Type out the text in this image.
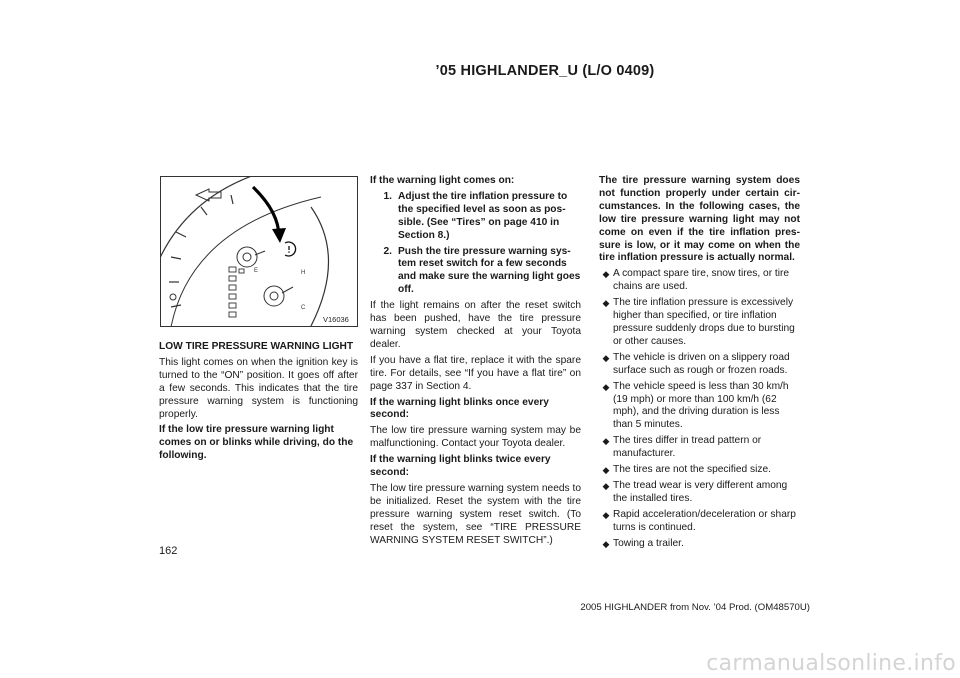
’05 HIGHLANDER_U (L/O 0409)
E	H
C
V16036

LOW TIRE PRESSURE WARNING LIGHT

This light comes on when the ignition key is turned to the “ON” position. It goes off after a few seconds. This indicates that the tire pressure warning system is functioning properly.

If the low tire pressure warning light comes on or blinks while driving, do the following.

If the warning light comes on:

1. Adjust the tire inflation pressure to the specified level as soon as possible. (See “Tires” on page 410 in Section 8.)
2. Push the tire pressure warning system reset switch for a few seconds and make sure the warning light goes off.

If the light remains on after the reset switch has been pushed, have the tire pressure warning system checked at your Toyota dealer.

If you have a flat tire, replace it with the spare tire. For details, see “If you have a flat tire” on page 337 in Section 4.

If the warning light blinks once every second:

The low tire pressure warning system may be malfunctioning. Contact your Toyota dealer.

If the warning light blinks twice every second:

The low tire pressure warning system needs to be initialized. Reset the system with the tire pressure warning system reset switch. (To reset the system, see “TIRE PRESSURE WARNING SYSTEM RESET SWITCH”.)

The tire pressure warning system does not function properly under certain circumstances. In the following cases, the low tire pressure warning light may not come on even if the tire inflation pressure is low, or it may come on when the tire inflation pressure is actually normal.

◆ A compact spare tire, snow tires, or tire chains are used.
◆ The tire inflation pressure is excessively higher than specified, or tire inflation pressure suddenly drops due to bursting or other causes.
◆ The vehicle is driven on a slippery road surface such as rough or frozen roads.
◆ The vehicle speed is less than 30 km/h (19 mph) or more than 100 km/h (62 mph), and the driving duration is less than 5 minutes.
◆ The tires differ in tread pattern or manufacturer.
◆ The tires are not the specified size.
◆ The tread wear is very different among the installed tires.
◆ Rapid acceleration/deceleration or sharp turns is continued.
◆ Towing a trailer.
162
2005 HIGHLANDER from Nov. ’04 Prod. (OM48570U)
carmanualsonline.info
